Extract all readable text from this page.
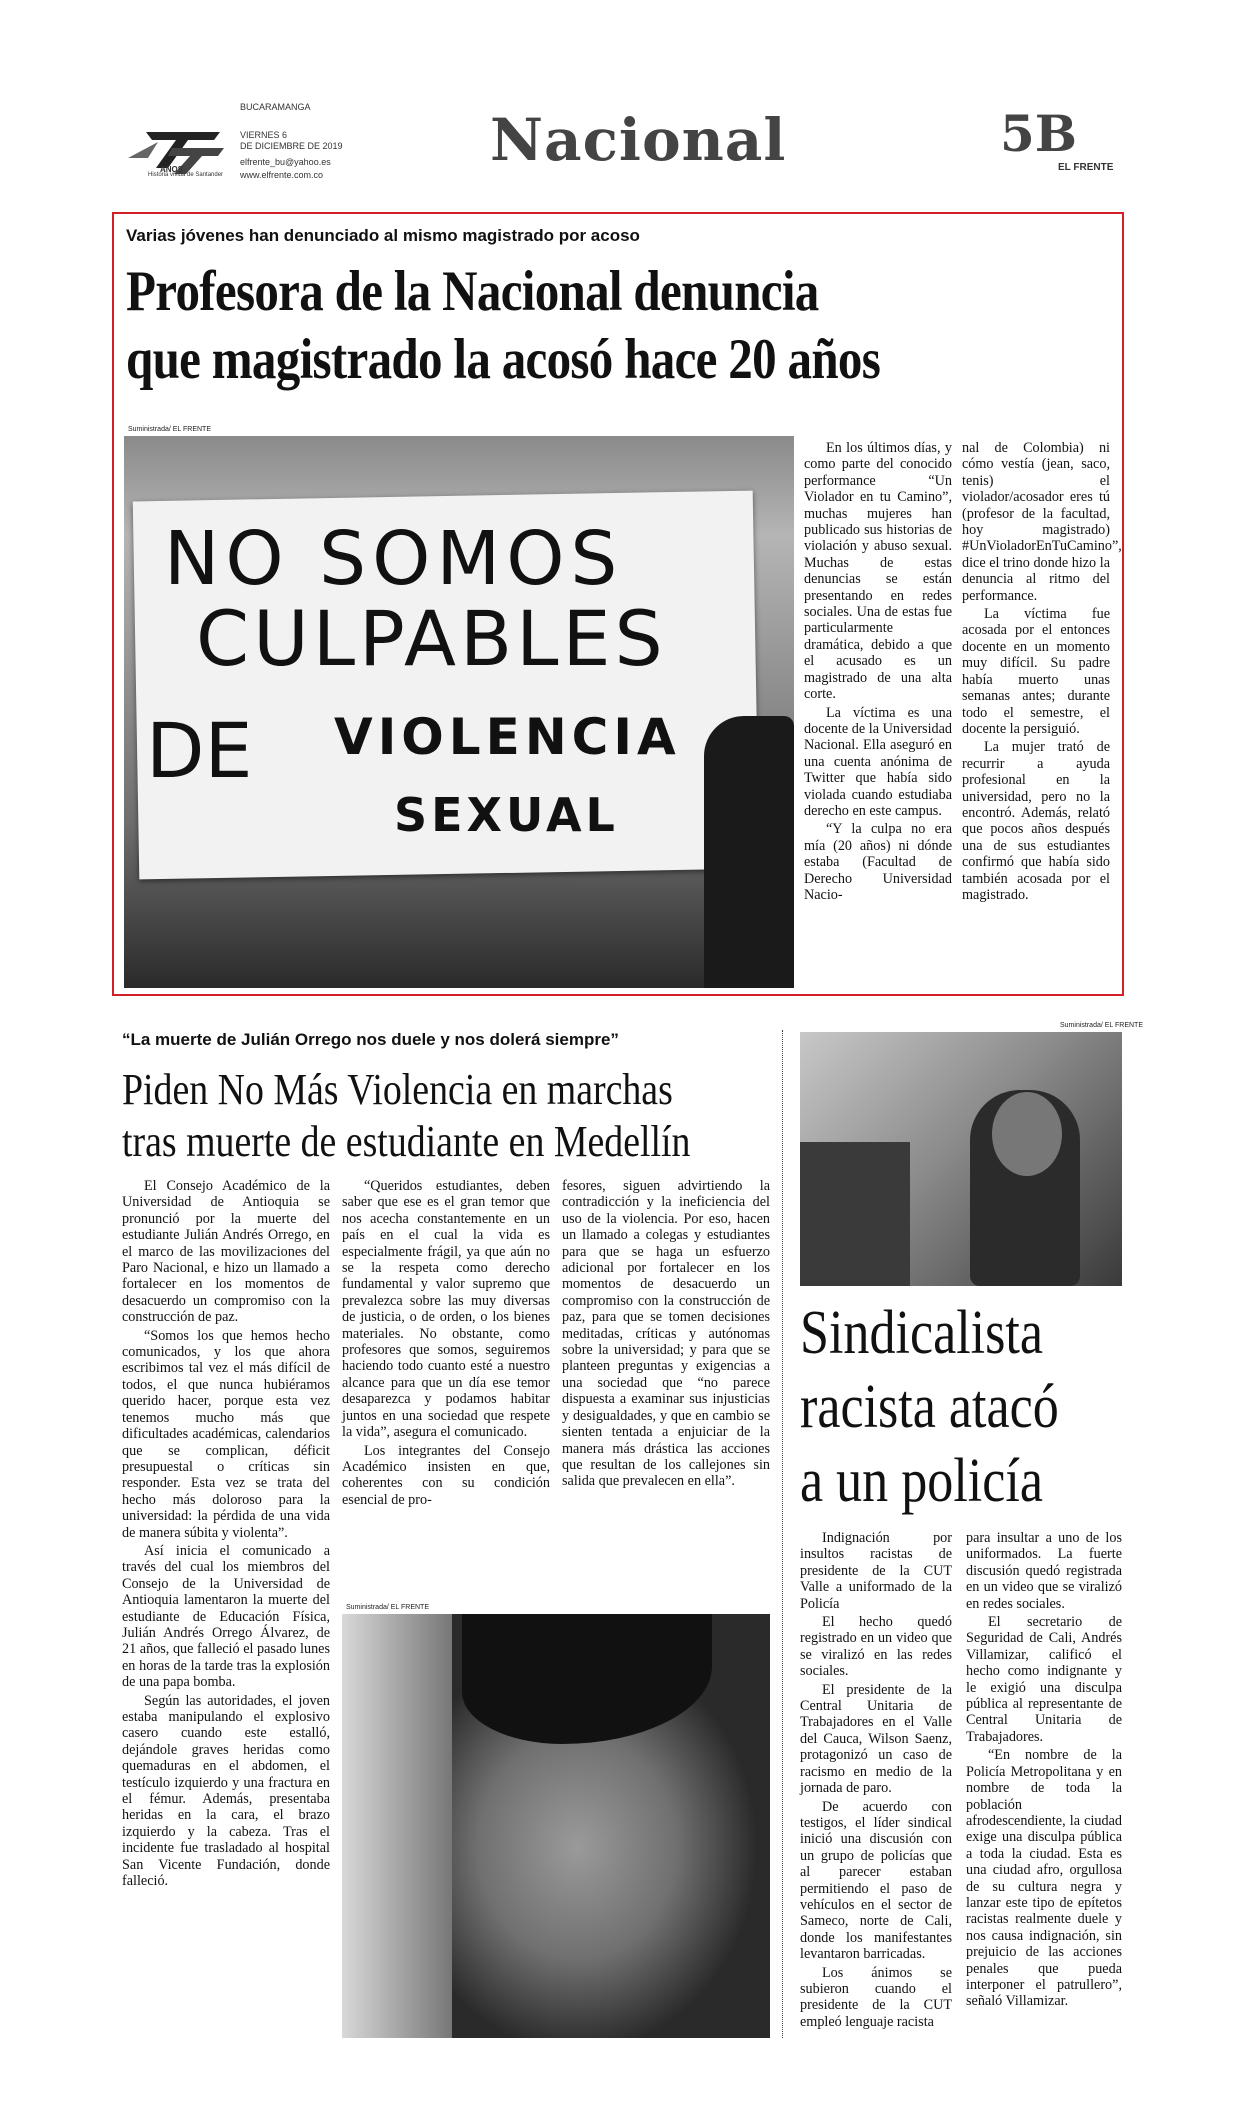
ANOS
Historia vivida de Santander
BUCARAMANGA
VIERNES 6
DE DICIEMBRE DE 2019
elfrente_bu@yahoo.es
www.elfrente.com.co
Nacional	5B
EL FRENTE
Varias jóvenes han denunciado al mismo magistrado por acoso
Profesora de la Nacional denuncia
que magistrado la acosó hace 20 años
Suministrada/ EL FRENTE
NO SOMOS
CULPABLES
DE VIOLENCIA
SEXUAL

En los últimos días, y como parte del conocido performance “Un Violador en tu Camino”, muchas mujeres han publicado sus historias de violación y abuso sexual. Muchas de estas denuncias se están presentando en redes sociales. Una de estas fue particularmente dramática, debido a que el acusado es un magistrado de una alta corte.

La víctima es una docente de la Universidad Nacional. Ella aseguró en una cuenta anónima de Twitter que había sido violada cuando estudiaba derecho en este campus.

“Y la culpa no era mía (20 años) ni dónde estaba (Facultad de Derecho Universidad Nacio-

nal de Colombia) ni cómo vestía (jean, saco, tenis) el violador/acosador eres tú (profesor de la facultad, hoy magistrado) #UnVioladorEnTuCamino”, dice el trino donde hizo la denuncia al ritmo del performance.

La víctima fue acosada por el entonces docente en un momento muy difícil. Su padre había muerto unas semanas antes; durante todo el semestre, el docente la persiguió.

La mujer trató de recurrir a ayuda profesional en la universidad, pero no la encontró. Además, relató que pocos años después una de sus estudiantes confirmó que había sido también acosada por el magistrado.

“La muerte de Julián Orrego nos duele y nos dolerá siempre”
Piden No Más Violencia en marchas
tras muerte de estudiante en Medellín

El Consejo Académico de la Universidad de Antioquia se pronunció por la muerte del estudiante Julián Andrés Orrego, en el marco de las movilizaciones del Paro Nacional, e hizo un llamado a fortalecer en los momentos de desacuerdo un compromiso con la construcción de paz.

“Somos los que hemos hecho comunicados, y los que ahora escribimos tal vez el más difícil de todos, el que nunca hubiéramos querido hacer, porque esta vez tenemos mucho más que dificultades académicas, calendarios que se complican, déficit presupuestal o críticas sin responder. Esta vez se trata del hecho más doloroso para la universidad: la pérdida de una vida de manera súbita y violenta”.

Así inicia el comunicado a través del cual los miembros del Consejo de la Universidad de Antioquia lamentaron la muerte del estudiante de Educación Física, Julián Andrés Orrego Álvarez, de 21 años, que falleció el pasado lunes en horas de la tarde tras la explosión de una papa bomba.

Según las autoridades, el joven estaba manipulando el explosivo casero cuando este estalló, dejándole graves heridas como quemaduras en el abdomen, el testículo izquierdo y una fractura en el fémur. Además, presentaba heridas en la cara, el brazo izquierdo y la cabeza. Tras el incidente fue trasladado al hospital San Vicente Fundación, donde falleció.

“Queridos estudiantes, deben saber que ese es el gran temor que nos acecha constantemente en un país en el cual la vida es especialmente frágil, ya que aún no se la respeta como derecho fundamental y valor supremo que prevalezca sobre las muy diversas de justicia, o de orden, o los bienes materiales. No obstante, como profesores que somos, seguiremos haciendo todo cuanto esté a nuestro alcance para que un día ese temor desaparezca y podamos habitar juntos en una sociedad que respete la vida”, asegura el comunicado.

Los integrantes del Consejo Académico insisten en que, coherentes con su condición esencial de pro-

fesores, siguen advirtiendo la contradicción y la ineficiencia del uso de la violencia. Por eso, hacen un llamado a colegas y estudiantes para que se haga un esfuerzo adicional por fortalecer en los momentos de desacuerdo un compromiso con la construcción de paz, para que se tomen decisiones meditadas, críticas y autónomas sobre la universidad; y para que se planteen preguntas y exigencias a una sociedad que “no parece dispuesta a examinar sus injusticias y desigualdades, y que en cambio se sienten tentada a enjuiciar de la manera más drástica las acciones que resultan de los callejones sin salida que prevalecen en ella”.

Suministrada/ EL FRENTE
Suministrada/ EL FRENTE
Sindicalista
racista atacó
a un policía

Indignación por insultos racistas de presidente de la CUT Valle a uniformado de la Policía

El hecho quedó registrado en un video que se viralizó en las redes sociales.

El presidente de la Central Unitaria de Trabajadores en el Valle del Cauca, Wilson Saenz, protagonizó un caso de racismo en medio de la jornada de paro.

De acuerdo con testigos, el líder sindical inició una discusión con un grupo de policías que al parecer estaban permitiendo el paso de vehículos en el sector de Sameco, norte de Cali, donde los manifestantes levantaron barricadas.

Los ánimos se subieron cuando el presidente de la CUT empleó lenguaje racista

para insultar a uno de los uniformados. La fuerte discusión quedó registrada en un video que se viralizó en redes sociales.

El secretario de Seguridad de Cali, Andrés Villamizar, calificó el hecho como indignante y le exigió una disculpa pública al representante de Central Unitaria de Trabajadores.

“En nombre de la Policía Metropolitana y en nombre de toda la población afrodescendiente, la ciudad exige una disculpa pública a toda la ciudad. Esta es una ciudad afro, orgullosa de su cultura negra y lanzar este tipo de epítetos racistas realmente duele y nos causa indignación, sin prejuicio de las acciones penales que pueda interponer el patrullero”, señaló Villamizar.
